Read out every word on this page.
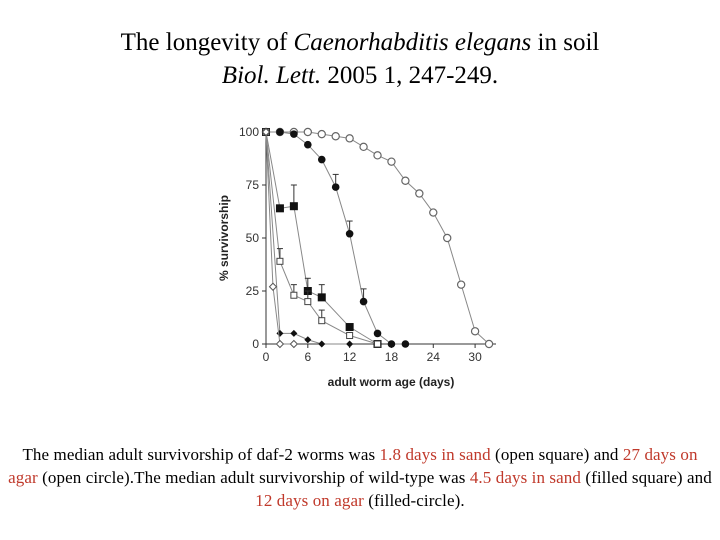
The longevity of Caenorhabditis elegans in soil
Biol. Lett. 2005 1, 247-249.
0
25
50
75
100
0	6	12 18 24 30
adult worm age (days)
% survivorship
The median adult survivorship of daf-2 worms was 1.8 days in sand (open square) and 27 days on agar (open circle).The median adult survivorship of wild-type was 4.5 days in sand (filled square) and 12 days on agar (filled-circle).
